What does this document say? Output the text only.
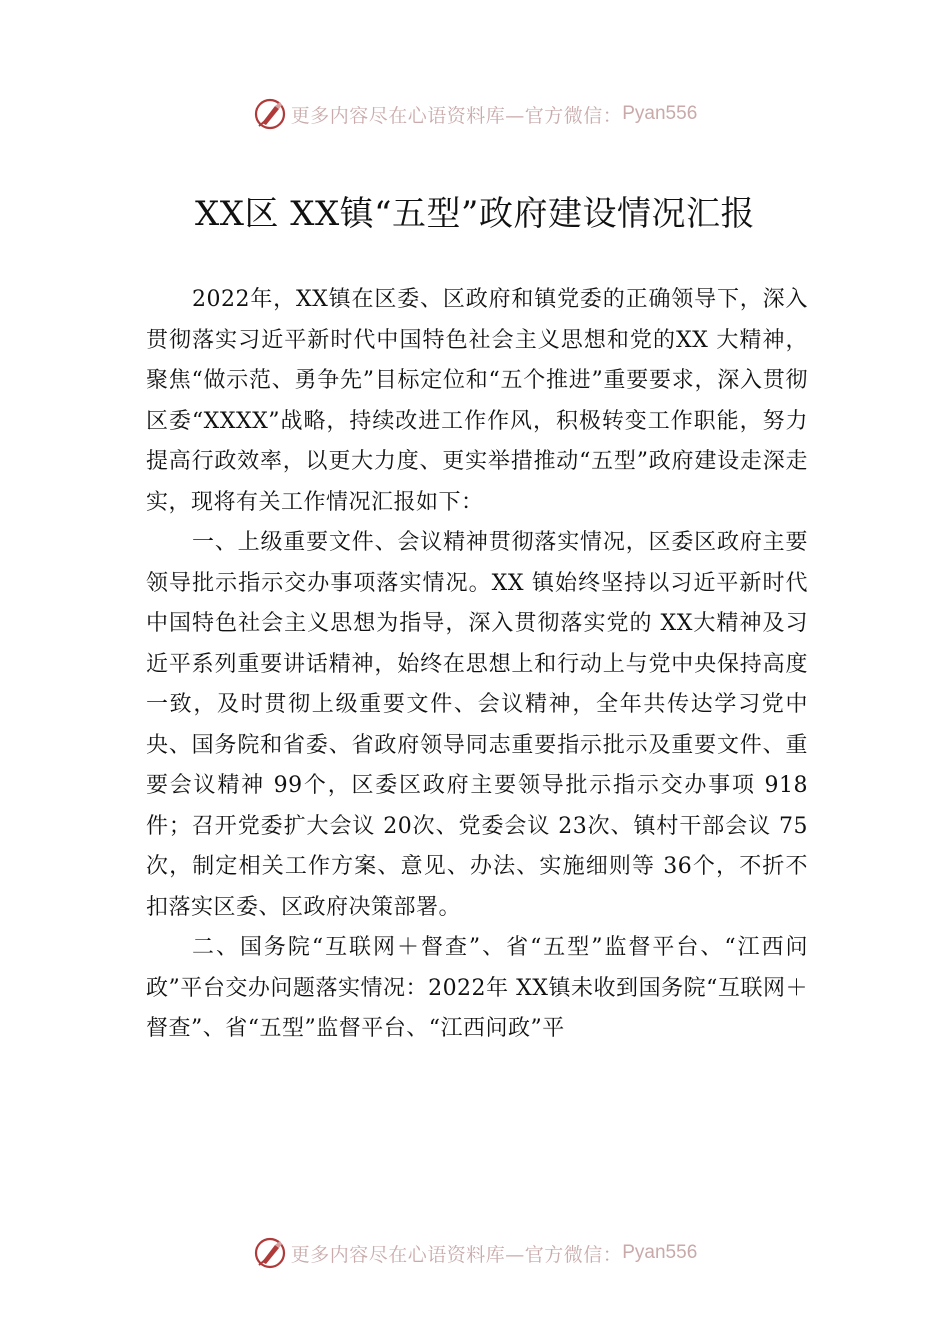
更多内容尽在心语资料库—官方微信： Pyan556
XX区 XX镇“五型”政府建设情况汇报

2022年，XX镇在区委、区政府和镇党委的正确领导下，深入贯彻落实习近平新时代中国特色社会主义思想和党的XX 大精神，聚焦“做示范、勇争先”目标定位和“五个推进”重要要求，深入贯彻区委“XXXX”战略，持续改进工作作风，积极转变工作职能，努力提高行政效率，以更大力度、更实举措推动“五型”政府建设走深走实，现将有关工作情况汇报如下：

一、上级重要文件、会议精神贯彻落实情况，区委区政府主要领导批示指示交办事项落实情况。XX 镇始终坚持以习近平新时代中国特色社会主义思想为指导，深入贯彻落实党的 XX大精神及习近平系列重要讲话精神，始终在思想上和行动上与党中央保持高度一致，及时贯彻上级重要文件、会议精神，全年共传达学习党中央、国务院和省委、省政府领导同志重要指示批示及重要文件、重要会议精神 99个，区委区政府主要领导批示指示交办事项 918件；召开党委扩大会议 20次、党委会议 23次、镇村干部会议 75次，制定相关工作方案、意见、办法、实施细则等 36个，不折不扣落实区委、区政府决策部署。

二、国务院“互联网＋督查”、省“五型”监督平台、“江西问政”平台交办问题落实情况：2022年 XX镇未收到国务院“互联网＋督查”、省“五型”监督平台、“江西问政”平

更多内容尽在心语资料库—官方微信： Pyan556
